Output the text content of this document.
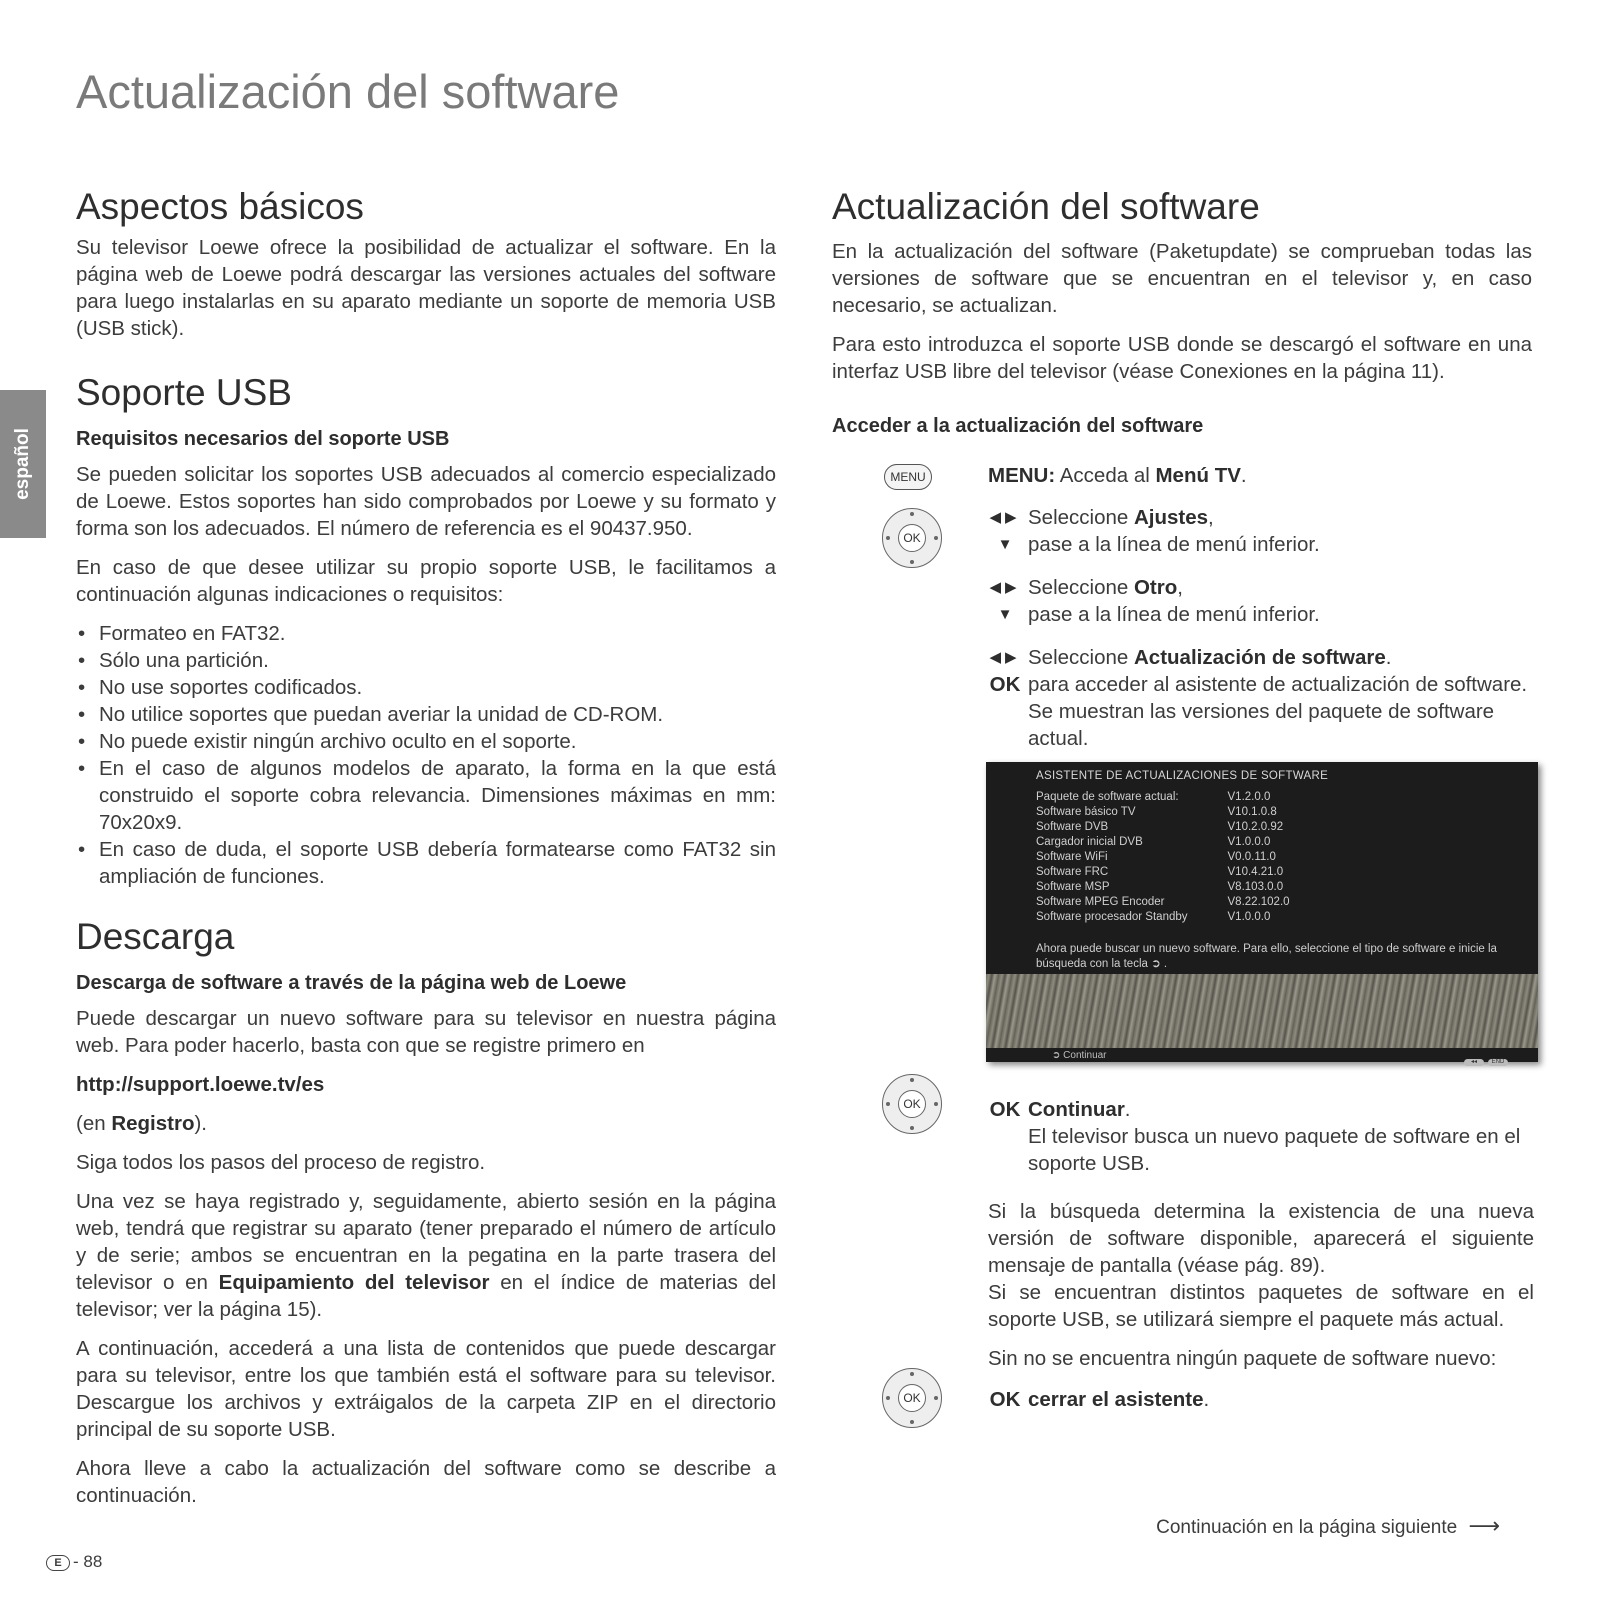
Actualización del software
español
Aspectos básicos

Su televisor Loewe ofrece la posibilidad de actualizar el software. En la página web de Loewe podrá descargar las versiones actuales del software para luego instalarlas en su aparato mediante un soporte de memoria USB (USB stick).

Soporte USB
Requisitos necesarios del soporte USB

Se pueden solicitar los soportes USB adecuados al comercio especializado de Loewe. Estos soportes han sido comprobados por Loewe y su formato y forma son los adecuados. El número de referencia es el 90437.950.

En caso de que desee utilizar su propio soporte USB, le facilitamos a continuación algunas indicaciones o requisitos:

• Formateo en FAT32.
• Sólo una partición.
• No use soportes codificados.
• No utilice soportes que puedan averiar la unidad de CD-ROM.
• No puede existir ningún archivo oculto en el soporte.
• En el caso de algunos modelos de aparato, la forma en la que está construido el soporte cobra relevancia. Dimensiones máximas en mm: 70x20x9.
• En caso de duda, el soporte USB debería formatearse como FAT32 sin ampliación de funciones.
Descarga
Descarga de software a través de la página web de Loewe

Puede descargar un nuevo software para su televisor en nuestra página web. Para poder hacerlo, basta con que se registre primero en

http://support.loewe.tv/es

(en Registro).

Siga todos los pasos del proceso de registro.

Una vez se haya registrado y, seguidamente, abierto sesión en la página web, tendrá que registrar su aparato (tener preparado el número de artículo y de serie; ambos se encuentran en la pegatina en la parte trasera del televisor o en Equipamiento del televisor en el índice de materias del televisor; ver la página 15).

A continuación, accederá a una lista de contenidos que puede descargar para su televisor, entre los que también está el software para su televisor. Descargue los archivos y extráigalos de la carpeta ZIP en el directorio principal de su soporte USB.

Ahora lleve a cabo la actualización del software como se describe a continuación.

Actualización del software

En la actualización del software (Paketupdate) se comprueban todas las versiones de software que se encuentran en el televisor y, en caso necesario, se actualizan.

Para esto introduzca el soporte USB donde se descargó el software en una interfaz USB libre del televisor (véase Conexiones en la página 11).

Acceder a la actualización del software
MENU
OK
OK
OK
MENU: Acceda al Menú TV.
◀▶ Seleccione Ajustes,
▼ pase a la línea de menú inferior.
◀▶ Seleccione Otro,
▼ pase a la línea de menú inferior.
◀▶ Seleccione Actualización de software.
OK para acceder al asistente de actualización de software. Se muestran las versiones del paquete de software actual.
ASISTENTE DE ACTUALIZACIONES DE SOFTWARE
Paquete de software actual:	V1.2.0.0
Software básico TV	V10.1.0.8
Software DVB	V10.2.0.92
Cargador inicial DVB	V1.0.0.0
Software WiFi	V0.0.11.0
Software FRC	V10.4.21.0
Software MSP	V8.103.0.0
Software MPEG Encoder	V8.22.102.0
Software procesador Standby	V1.0.0.0
Ahora puede buscar un nuevo software. Para ello, seleccione el tipo de software e inicie la búsqueda con la tecla ➲ .
➲ Continuar
◂◂ END
OK Continuar.
El televisor busca un nuevo paquete de software en el soporte USB.

Si la búsqueda determina la existencia de una nueva versión de software disponible, aparecerá el siguiente mensaje de pantalla (véase pág. 89).

Si se encuentran distintos paquetes de software en el soporte USB, se utilizará siempre el paquete más actual.

Sin no se encuentra ningún paquete de software nuevo:

OK cerrar el asistente.
Continuación en la página siguiente ⟶
E - 88
